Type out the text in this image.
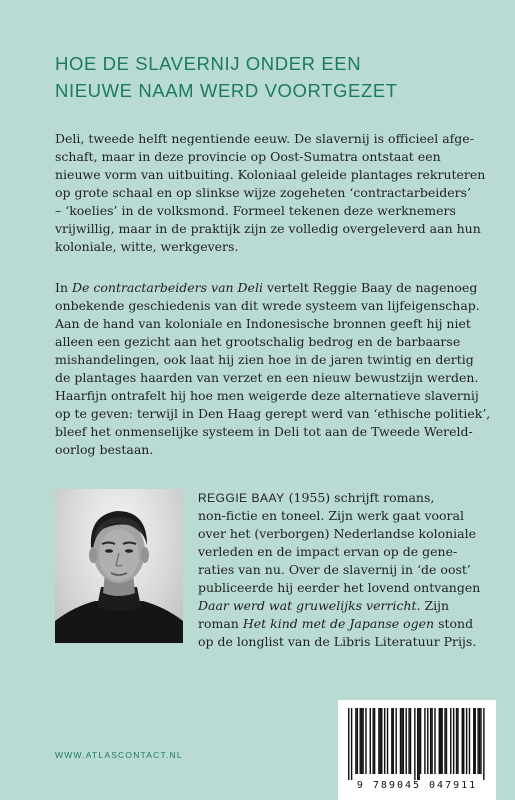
HOE DE SLAVERNIJ ONDER EEN
NIEUWE NAAM WERD VOORTGEZET
Deli, tweede helft negentiende eeuw. De slavernij is officieel afge-
schaft, maar in deze provincie op Oost-Sumatra ontstaat een
nieuwe vorm van uitbuiting. Koloniaal geleide plantages rekruteren
op grote schaal en op slinkse wijze zogeheten ‘contractarbeiders’
– ‘koelies’ in de volksmond. Formeel tekenen deze werknemers
vrijwillig, maar in de praktijk zijn ze volledig overgeleverd aan hun
koloniale, witte, werkgevers.
In De contractarbeiders van Deli vertelt Reggie Baay de nagenoeg
onbekende geschiedenis van dit wrede systeem van lijfeigenschap.
Aan de hand van koloniale en Indonesische bronnen geeft hij niet
alleen een gezicht aan het grootschalig bedrog en de barbaarse
mishandelingen, ook laat hij zien hoe in de jaren twintig en dertig
de plantages haarden van verzet en een nieuw bewustzijn werden.
Haarfijn ontrafelt hij hoe men weigerde deze alternatieve slavernij
op te geven: terwijl in Den Haag gerept werd van ‘ethische politiek’,
bleef het onmenselijke systeem in Deli tot aan de Tweede Wereld-
oorlog bestaan.
REGGIE BAAY (1955) schrijft romans,
non-fictie en toneel. Zijn werk gaat vooral
over het (verborgen) Nederlandse koloniale
verleden en de impact ervan op de gene-
raties van nu. Over de slavernij in ‘de oost’
publiceerde hij eerder het lovend ontvangen
Daar werd wat gruwelijks verricht. Zijn
roman Het kind met de Japanse ogen stond
op de longlist van de Libris Literatuur Prijs.
WWW.ATLASCONTACT.NL
9 789045 047911
